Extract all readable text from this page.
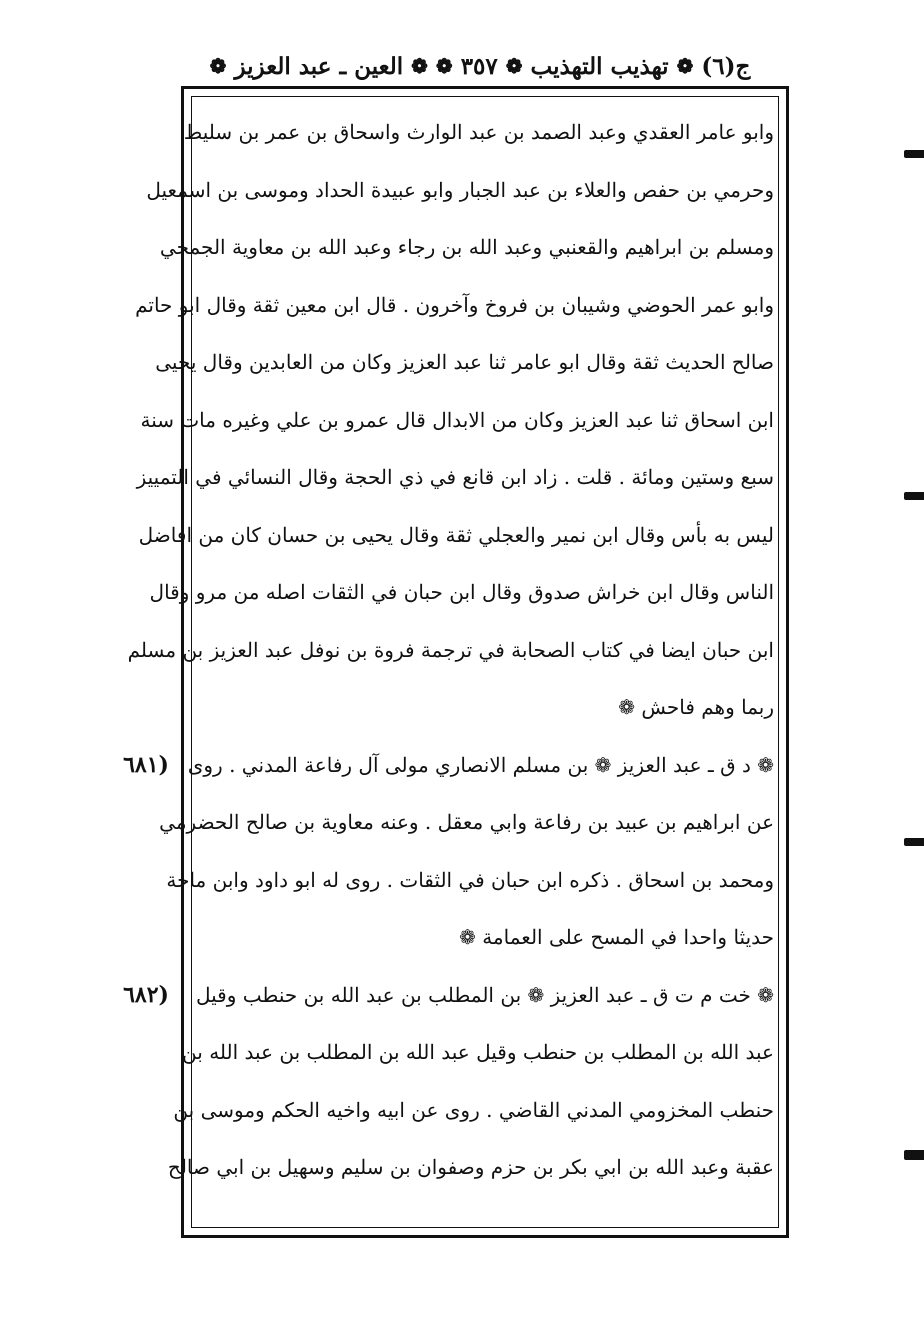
ج(٦)
❁
تهذيب التهذيب
❁
٣٥٧
❁
❁
العين ـ عبد العزيز
❁
وابو عامر العقدي وعبد الصمد بن عبد الوارث واسحاق بن عمر بن سليط
وحرمي بن حفص والعلاء بن عبد الجبار وابو عبيدة الحداد وموسى بن اسمعيل
ومسلم بن ابراهيم والقعنبي وعبد الله بن رجاء وعبد الله بن معاوية الجمحي
وابو عمر الحوضي وشيبان بن فروخ وآخرون . قال ابن معين ثقة وقال ابو حاتم
صالح الحديث ثقة وقال ابو عامر ثنا عبد العزيز وكان من العابدين وقال يحيى
ابن اسحاق ثنا عبد العزيز وكان من الابدال قال عمرو بن علي وغيره مات سنة
سبع وستين ومائة . قلت . زاد ابن قانع في ذي الحجة وقال النسائي في التمييز
ليس به بأس وقال ابن نمير والعجلي ثقة وقال يحيى بن حسان كان من افاضل
الناس وقال ابن خراش صدوق وقال ابن حبان في الثقات اصله من مرو وقال
ابن حبان ايضا في كتاب الصحابة في ترجمة فروة بن نوفل عبد العزيز بن مسلم
ربما وهم فاحش ❁
❁ د ق ـ عبد العزيز ❁ بن مسلم الانصاري مولى آل رفاعة المدني . روى
عن ابراهيم بن عبيد بن رفاعة وابي معقل . وعنه معاوية بن صالح الحضرمي
ومحمد بن اسحاق . ذكره ابن حبان في الثقات . روى له ابو داود وابن ماجة
حديثا واحدا في المسح على العمامة ❁
❁ خت م ت ق ـ عبد العزيز ❁ بن المطلب بن عبد الله بن حنطب وقيل
عبد الله بن المطلب بن حنطب وقيل عبد الله بن المطلب بن عبد الله بن
حنطب المخزومي المدني القاضي . روى عن ابيه واخيه الحكم وموسى بن
عقبة وعبد الله بن ابي بكر بن حزم وصفوان بن سليم وسهيل بن ابي صالح
(٦٨١
(٦٨٢
